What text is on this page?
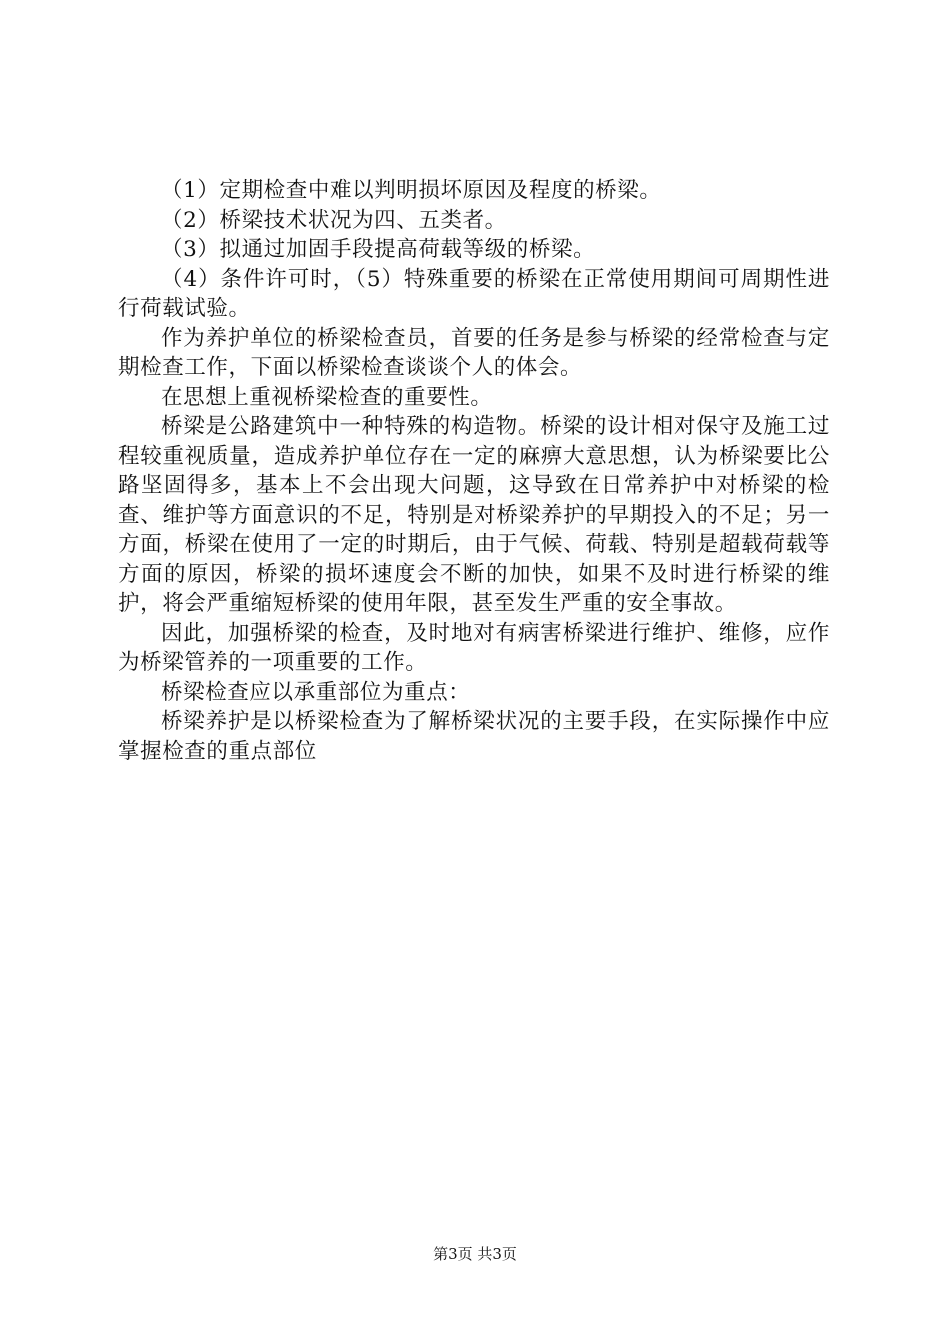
（1）定期检查中难以判明损坏原因及程度的桥梁。

（2）桥梁技术状况为四、五类者。

（3）拟通过加固手段提高荷载等级的桥梁。

（4）条件许可时，（5）特殊重要的桥梁在正常使用期间可周期性进行荷载试验。

作为养护单位的桥梁检查员，首要的任务是参与桥梁的经常检查与定期检查工作，下面以桥梁检查谈谈个人的体会。

在思想上重视桥梁检查的重要性。

桥梁是公路建筑中一种特殊的构造物。桥梁的设计相对保守及施工过程较重视质量，造成养护单位存在一定的麻痹大意思想，认为桥梁要比公路坚固得多，基本上不会出现大问题，这导致在日常养护中对桥梁的检查、维护等方面意识的不足，特别是对桥梁养护的早期投入的不足；另一方面，桥梁在使用了一定的时期后，由于气候、荷载、特别是超载荷载等方面的原因，桥梁的损坏速度会不断的加快，如果不及时进行桥梁的维护，将会严重缩短桥梁的使用年限，甚至发生严重的安全事故。

因此，加强桥梁的检查，及时地对有病害桥梁进行维护、维修，应作为桥梁管养的一项重要的工作。

桥梁检查应以承重部位为重点：

桥梁养护是以桥梁检查为了解桥梁状况的主要手段，在实际操作中应掌握检查的重点部位

第3页 共3页
